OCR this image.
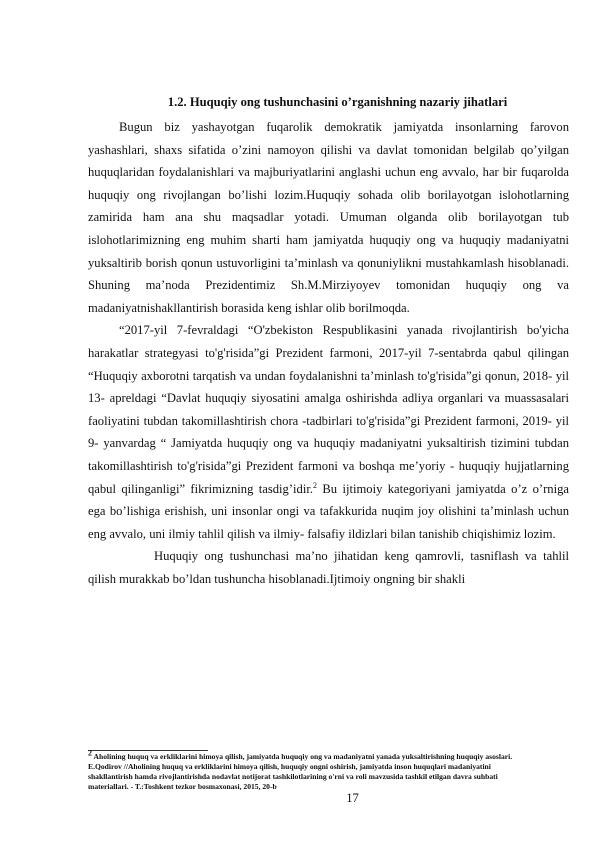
1.2. Huquqiy ong tushunchasini o’rganishning nazariy jihatlari

Bugun biz yashayotgan fuqarolik demokratik jamiyatda insonlarning farovon yashashlari, shaxs sifatida o’zini namoyon qilishi va davlat tomonidan belgilab qo’yilgan huquqlaridan foydalanishlari va majburiyatlarini anglashi uchun eng avvalo, har bir fuqarolda huquqiy ong rivojlangan bo’lishi lozim.Huquqiy sohada olib borilayotgan islohotlarning zamirida ham ana shu maqsadlar yotadi. Umuman olganda olib borilayotgan tub islohotlarimizning eng muhim sharti ham jamiyatda huquqiy ong va huquqiy madaniyatni yuksaltirib borish qonun ustuvorligini ta’minlash va qonuniylikni mustahkamlash hisoblanadi. Shuning ma’noda Prezidentimiz Sh.M.Mirziyoyev tomonidan huquqiy ong va madaniyatnishakllantirish borasida keng ishlar olib borilmoqda.

“2017-yil 7-fevraldagi “O'zbekiston Respublikasini yanada rivojlantirish bo'yicha harakatlar strategyasi to'g'risida”gi Prezident farmoni, 2017-yil 7-sentabrda qabul qilingan “Huquqiy axborotni tarqatish va undan foydalanishni ta’minlash to'g'risida”gi qonun, 2018- yil 13- apreldagi “Davlat huquqiy siyosatini amalga oshirishda adliya organlari va muassasalari faoliyatini tubdan takomillashtirish chora -tadbirlari to'g'risida”gi Prezident farmoni, 2019- yil 9- yanvardag “ Jamiyatda huquqiy ong va huquqiy madaniyatni yuksaltirish tizimini tubdan takomillashtirish to'g'risida”gi Prezident farmoni va boshqa me’yoriy - huquqiy hujjatlarning qabul qilinganligi” fikrimizning tasdig’idir.$^2$ Bu ijtimoiy kategoriyani jamiyatda o’z o’rniga ega bo’lishiga erishish, uni insonlar ongi va tafakkurida nuqim joy olishini ta’minlash uchun eng avvalo, uni ilmiy tahlil qilish va ilmiy- falsafiy ildizlari bilan tanishib chiqishimiz lozim.

Huquqiy ong tushunchasi ma’no jihatidan keng qamrovli, tasniflash va tahlil qilish murakkab bo’ldan tushuncha hisoblanadi.Ijtimoiy ongning bir shakli

$^2$ Aholining huquq va erkliklarini himoya qilish, jamiyatda huquqiy ong va madaniyatni yanada yuksaltirishning huquqiy asoslari. E.Qodirov //Aholining huquq va erkliklarini himoya qilish, huquqiy ongni oshirish, jamiyatda inson huquqlari madaniyatini shakllantirish hamda rivojlantirishda nodavlat notijorat tashkilotlarining o'rni va roli mavzusida tashkil etilgan davra suhbati materiallari. - T.:Toshkent tezkor bosmaxonasi, 2015, 20-b
17
